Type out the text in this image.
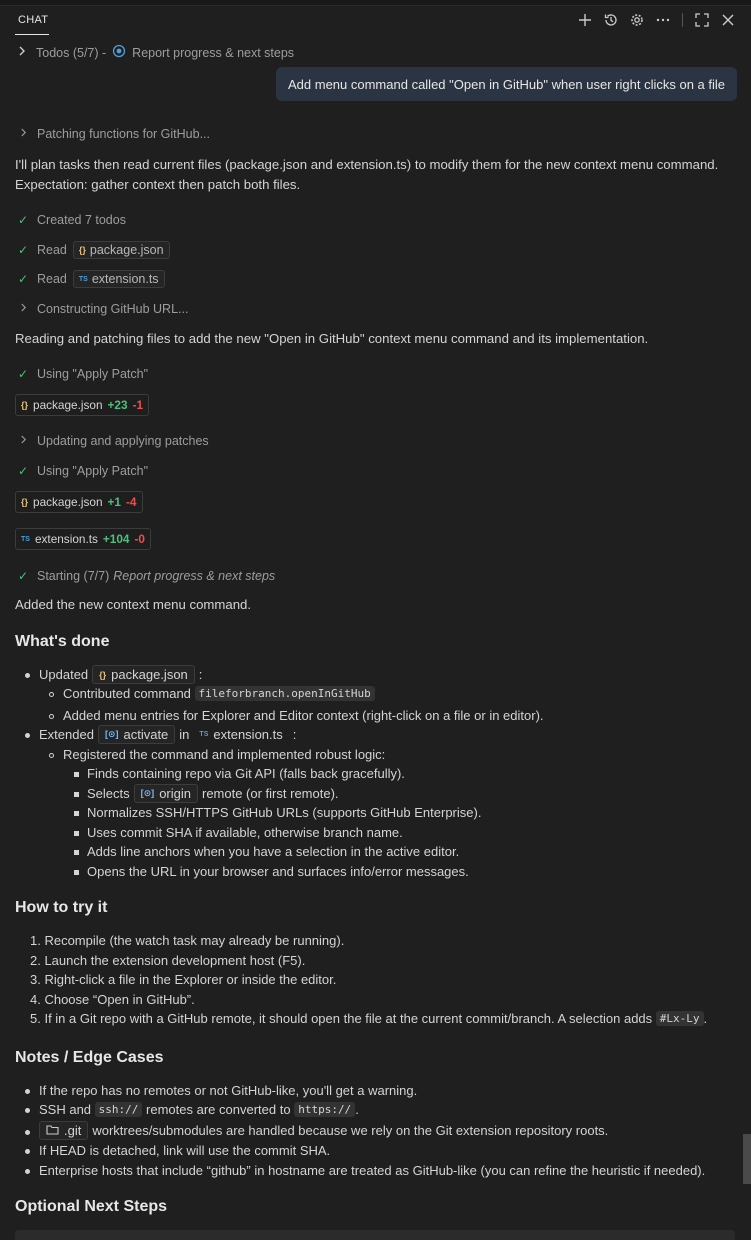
CHAT
Todos (5/7) - Report progress & next steps
Add menu command called "Open in GitHub" when user right clicks on a file
Patching functions for GitHub...
I'll plan tasks then read current files (package.json and extension.ts) to modify them for the new context menu command. Expectation: gather context then patch both files.
✓ Created 7 todos
✓ Read {} package.json
✓ Read TS extension.ts
Constructing GitHub URL...
Reading and patching files to add the new "Open in GitHub" context menu command and its implementation.
✓ Using "Apply Patch"
{} package.json +23 -1
Updating and applying patches
✓ Using "Apply Patch"
{} package.json +1 -4
TS extension.ts +104 -0
✓ Starting (7/7) Report progress & next steps
Added the new context menu command.
What's done
Updated {} package.json :
Contributed command
fileforbranch.openInGitHub
Added menu entries for Explorer and Editor context (right-click on a file or in editor).
Extended [⊙] activate in TS extension.ts :
Registered the command and implemented robust logic:
Finds containing repo via Git API (falls back gracefully).
Selects [⊙] origin remote (or first remote).
Normalizes SSH/HTTPS GitHub URLs (supports GitHub Enterprise).
Uses commit SHA if available, otherwise branch name.
Adds line anchors when you have a selection in the active editor.
Opens the URL in your browser and surfaces info/error messages.
How to try it
1. Recompile (the watch task may already be running).
2. Launch the extension development host (F5).
3. Right-click a file in the Explorer or inside the editor.
4. Choose “Open in GitHub”.
5. If in a Git repo with a GitHub remote, it should open the file at the current commit/branch. A selection adds
#Lx-Ly .
Notes / Edge Cases
If the repo has no remotes or not GitHub-like, you'll get a warning.
SSH and
ssh://
remotes are converted to
https:// .
.git worktrees/submodules are handled because we rely on the Git extension repository roots.
If HEAD is detached, link will use the commit SHA.
Enterprise hosts that include “github” in hostname are treated as GitHub-like (you can refine the heuristic if needed).
Optional Next Steps
